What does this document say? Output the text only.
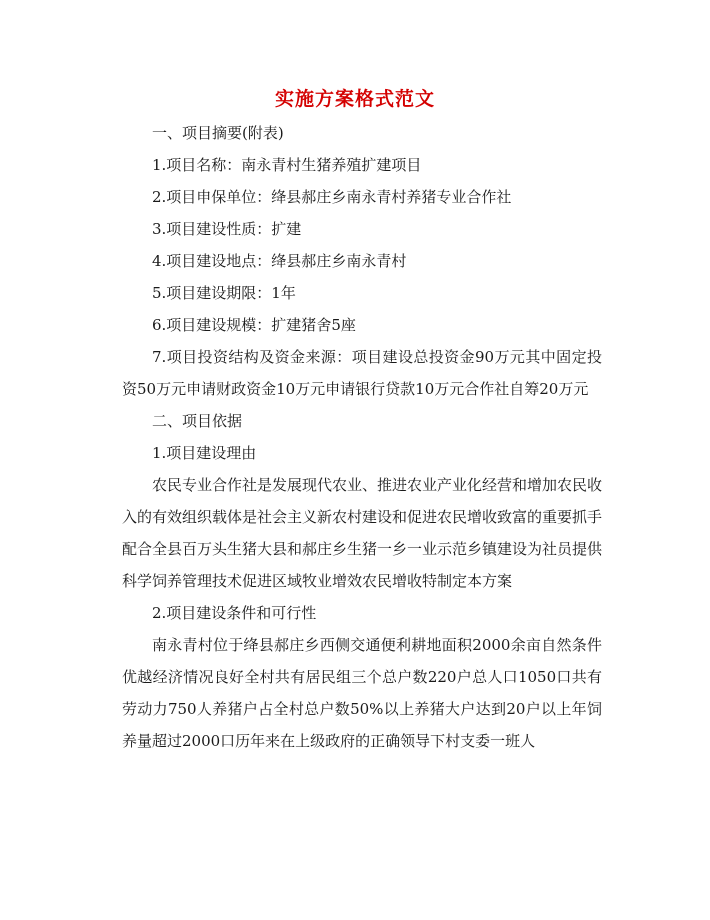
实施方案格式范文

一、项目摘要(附表)

1.项目名称：南永青村生猪养殖扩建项目

2.项目申保单位：绛县郝庄乡南永青村养猪专业合作社

3.项目建设性质：扩建

4.项目建设地点：绛县郝庄乡南永青村

5.项目建设期限：1年

6.项目建设规模：扩建猪舍5座

7.项目投资结构及资金来源：项目建设总投资金90万元其中固定投资50万元申请财政资金10万元申请银行贷款10万元合作社自筹20万元

二、项目依据

1.项目建设理由

农民专业合作社是发展现代农业、推进农业产业化经营和增加农民收入的有效组织载体是社会主义新农村建设和促进农民增收致富的重要抓手配合全县百万头生猪大县和郝庄乡生猪一乡一业示范乡镇建设为社员提供科学饲养管理技术促进区域牧业增效农民增收特制定本方案

2.项目建设条件和可行性

南永青村位于绛县郝庄乡西侧交通便利耕地面积2000余亩自然条件优越经济情况良好全村共有居民组三个总户数220户总人口1050口共有劳动力750人养猪户占全村总户数50%以上养猪大户达到20户以上年饲养量超过2000口历年来在上级政府的正确领导下村支委一班人
